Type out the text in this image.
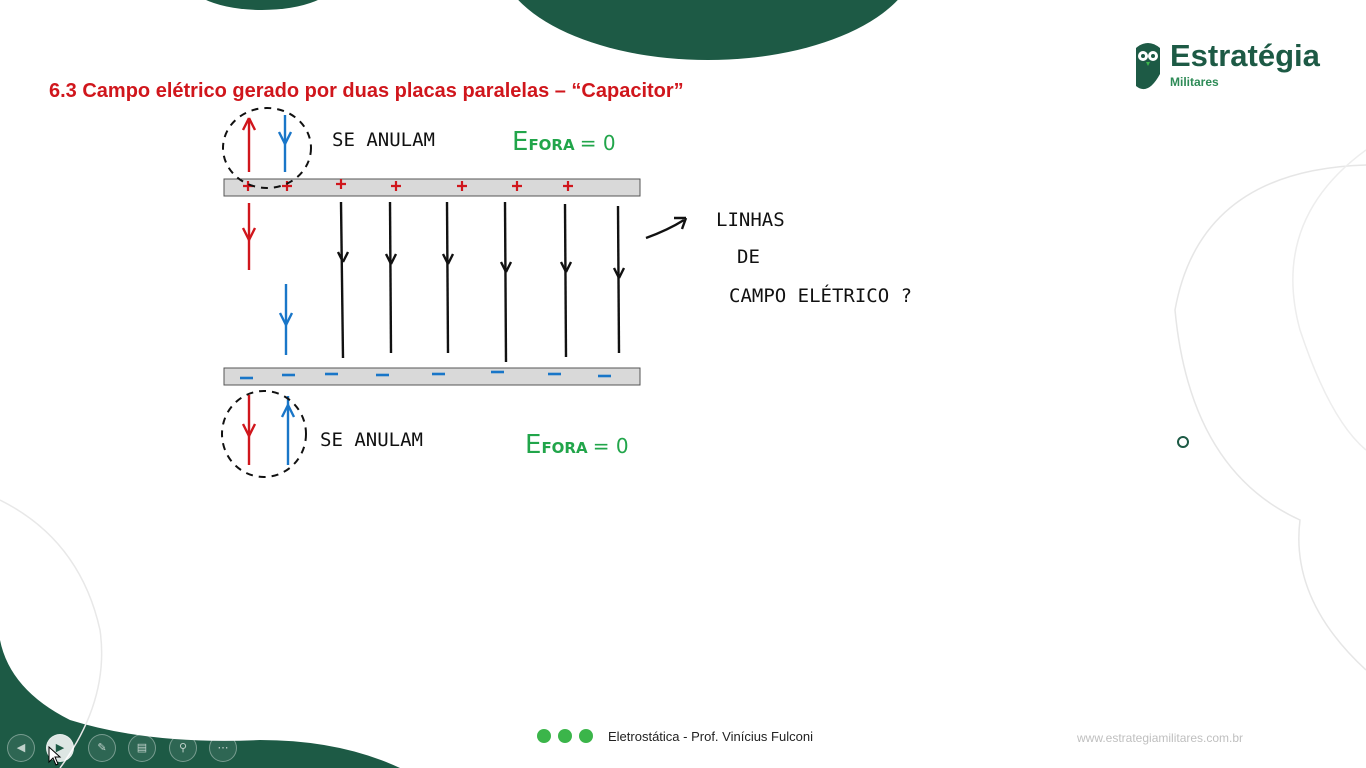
6.3 Campo elétrico gerado por duas placas paralelas – “Capacitor”
Estratégia
Militares
SE ANULAM
SE ANULAM
EFORA = 0
EFORA = 0
LINHAS
DE
CAMPO ELÉTRICO ?
Eletrostática - Prof. Vinícius Fulconi	www.estrategiamilitares.com.br
◀	▶	✎	▤	⚲	⋯
